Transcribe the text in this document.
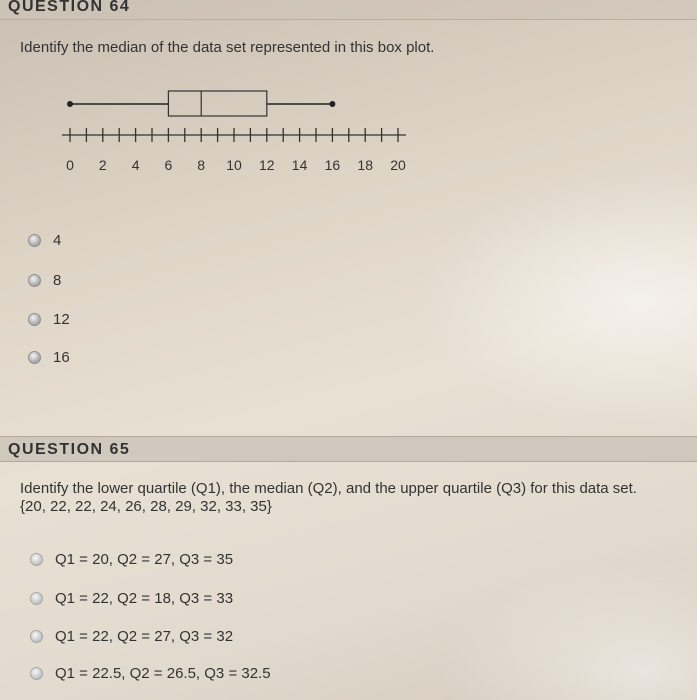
QUESTION 64
Identify the median of the data set represented in this box plot.
0 2 4 6 8 10 12 14 16 18 20
4
8
12
16
QUESTION 65
Identify the lower quartile (Q1), the median (Q2), and the upper quartile (Q3) for this data set.
{20, 22, 22, 24, 26, 28, 29, 32, 33, 35}
Q1 = 20, Q2 = 27, Q3 = 35
Q1 = 22, Q2 = 18, Q3 = 33
Q1 = 22, Q2 = 27, Q3 = 32
Q1 = 22.5, Q2 = 26.5, Q3 = 32.5
